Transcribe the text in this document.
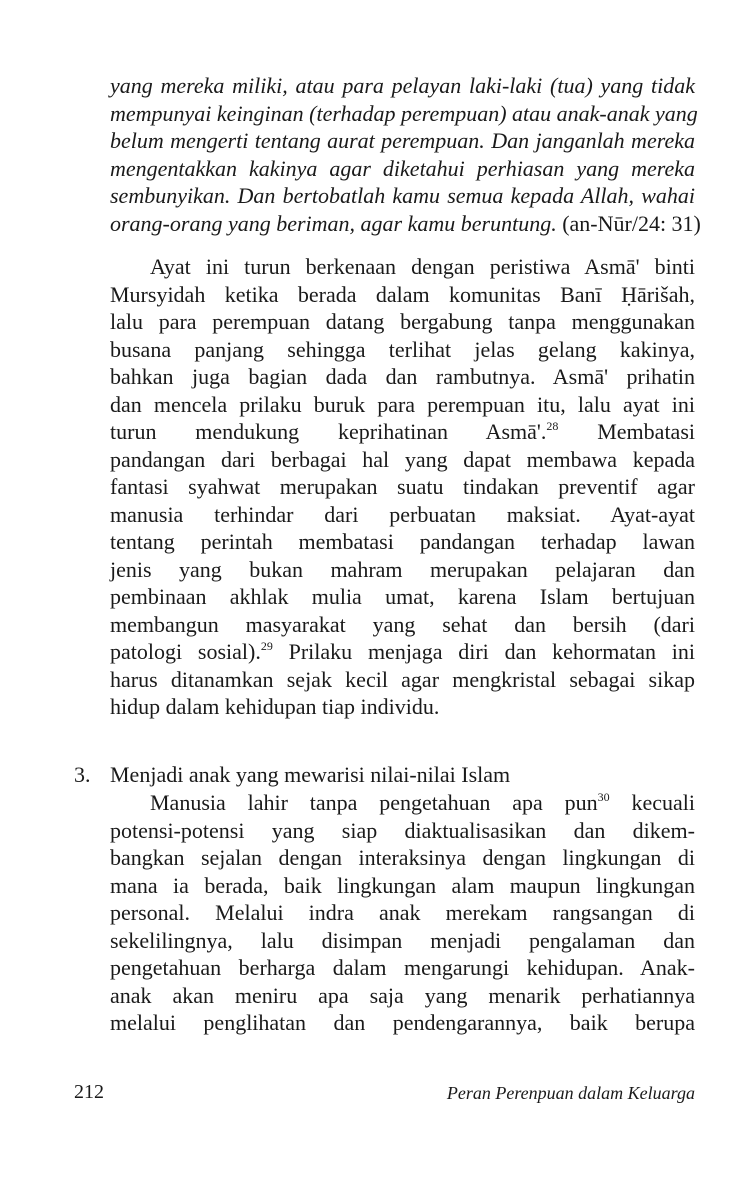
yang mereka miliki, atau para pelayan laki-laki (tua) yang tidak
mempunyai keinginan (terhadap perempuan) atau anak-anak yang
belum mengerti tentang aurat perempuan. Dan janganlah mereka
mengentakkan kakinya agar diketahui perhiasan yang mereka
sembunyikan. Dan bertobatlah kamu semua kepada Allah, wahai
orang-orang yang beriman, agar kamu beruntung. (an-Nūr/24: 31)
Ayat ini turun berkenaan dengan peristiwa Asmā' binti
Mursyidah ketika berada dalam komunitas Banī Ḥārišah,
lalu para perempuan datang bergabung tanpa menggunakan
busana panjang sehingga terlihat jelas gelang kakinya,
bahkan juga bagian dada dan rambutnya. Asmā' prihatin
dan mencela prilaku buruk para perempuan itu, lalu ayat ini
turun mendukung keprihatinan Asmā'.$^{28}$ Membatasi
pandangan dari berbagai hal yang dapat membawa kepada
fantasi syahwat merupakan suatu tindakan preventif agar
manusia terhindar dari perbuatan maksiat. Ayat-ayat
tentang perintah membatasi pandangan terhadap lawan
jenis yang bukan mahram merupakan pelajaran dan
pembinaan akhlak mulia umat, karena Islam bertujuan
membangun masyarakat yang sehat dan bersih (dari
patologi sosial).$^{29}$ Prilaku menjaga diri dan kehormatan ini
harus ditanamkan sejak kecil agar mengkristal sebagai sikap
hidup dalam kehidupan tiap individu.
3. Menjadi anak yang mewarisi nilai-nilai Islam
Manusia lahir tanpa pengetahuan apa pun$^{30}$ kecuali
potensi-potensi yang siap diaktualisasikan dan dikem-
bangkan sejalan dengan interaksinya dengan lingkungan di
mana ia berada, baik lingkungan alam maupun lingkungan
personal. Melalui indra anak merekam rangsangan di
sekelilingnya, lalu disimpan menjadi pengalaman dan
pengetahuan berharga dalam mengarungi kehidupan. Anak-
anak akan meniru apa saja yang menarik perhatiannya
melalui penglihatan dan pendengarannya, baik berupa
212	Peran Perenpuan dalam Keluarga
